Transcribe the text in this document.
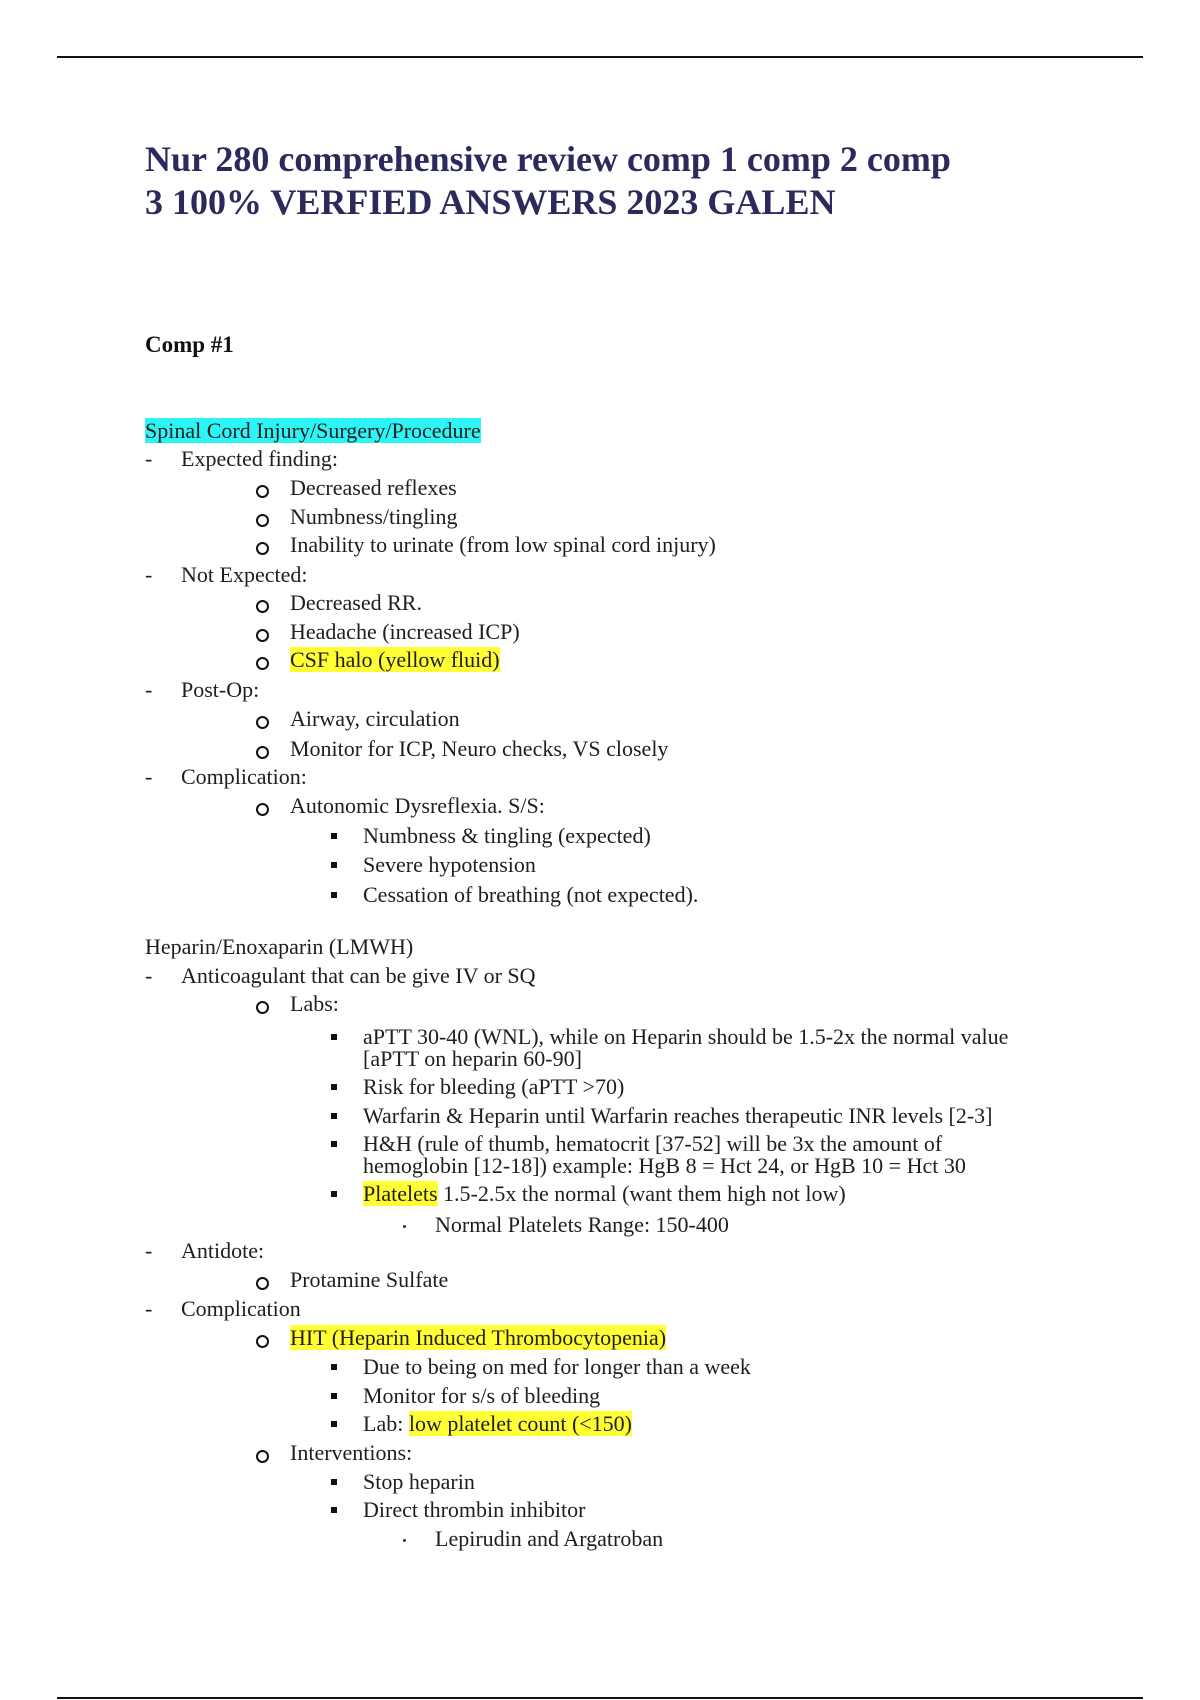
Nur 280 comprehensive review comp 1 comp 2 comp
3 100% VERFIED ANSWERS 2023 GALEN
Comp #1
Spinal Cord Injury/Surgery/Procedure
- Expected finding:
Decreased reflexes
Numbness/tingling
Inability to urinate (from low spinal cord injury)
- Not Expected:
Decreased RR.
Headache (increased ICP)
CSF halo (yellow fluid)
- Post-Op:
Airway, circulation
Monitor for ICP, Neuro checks, VS closely
- Complication:
Autonomic Dysreflexia. S/S:
Numbness & tingling (expected)
Severe hypotension
Cessation of breathing (not expected).
Heparin/Enoxaparin (LMWH)
- Anticoagulant that can be give IV or SQ
Labs:
aPTT 30-40 (WNL), while on Heparin should be 1.5-2x the normal value
[aPTT on heparin 60-90]
Risk for bleeding (aPTT >70)
Warfarin & Heparin until Warfarin reaches therapeutic INR levels [2-3]
H&H (rule of thumb, hematocrit [37-52] will be 3x the amount of
hemoglobin [12-18]) example: HgB 8 = Hct 24, or HgB 10 = Hct 30
Platelets 1.5-2.5x the normal (want them high not low)
Normal Platelets Range: 150-400
- Antidote:
Protamine Sulfate
- Complication
HIT (Heparin Induced Thrombocytopenia)
Due to being on med for longer than a week
Monitor for s/s of bleeding
Lab: low platelet count (<150)
Interventions:
Stop heparin
Direct thrombin inhibitor
Lepirudin and Argatroban
